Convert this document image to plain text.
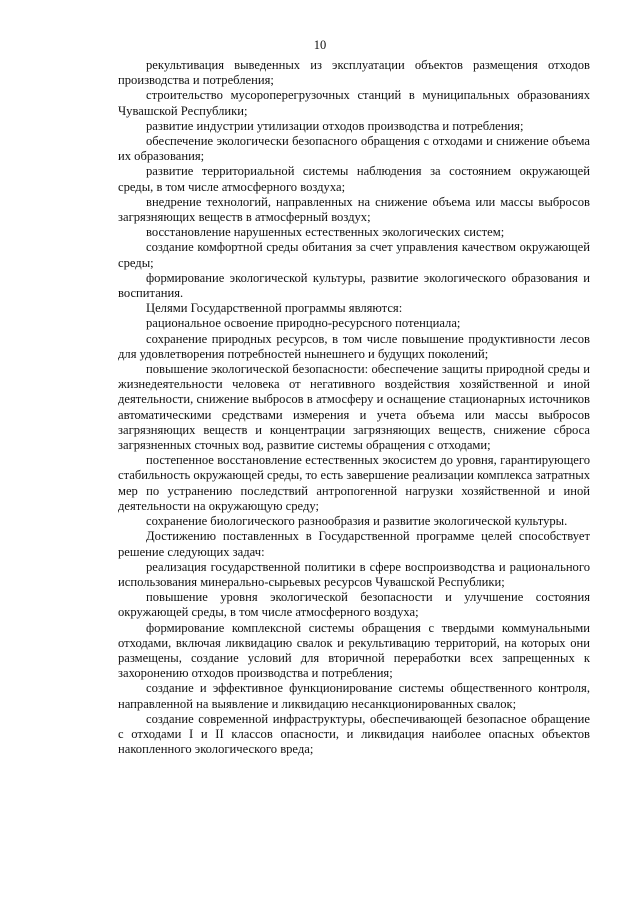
10

рекультивация выведенных из эксплуатации объектов размещения отходов производства и потребления;

строительство мусороперегрузочных станций в муниципальных образованиях Чувашской Республики;

развитие индустрии утилизации отходов производства и потребления;

обеспечение экологически безопасного обращения с отходами и снижение объема их образования;

развитие территориальной системы наблюдения за состоянием окружающей среды, в том числе атмосферного воздуха;

внедрение технологий, направленных на снижение объема или массы выбросов загрязняющих веществ в атмосферный воздух;

восстановление нарушенных естественных экологических систем;

создание комфортной среды обитания за счет управления качеством окружающей среды;

формирование экологической культуры, развитие экологического образования и воспитания.

Целями Государственной программы являются:

рациональное освоение природно-ресурсного потенциала;

сохранение природных ресурсов, в том числе повышение продуктивности лесов для удовлетворения потребностей нынешнего и будущих поколений;

повышение экологической безопасности: обеспечение защиты природной среды и жизнедеятельности человека от негативного воздействия хозяйственной и иной деятельности, снижение выбросов в атмосферу и оснащение стационарных источников автоматическими средствами измерения и учета объема или массы выбросов загрязняющих веществ и концентрации загрязняющих веществ, снижение сброса загрязненных сточных вод, развитие системы обращения с отходами;

постепенное восстановление естественных экосистем до уровня, гарантирующего стабильность окружающей среды, то есть завершение реализации комплекса затратных мер по устранению последствий антропогенной нагрузки хозяйственной и иной деятельности на окружающую среду;

сохранение биологического разнообразия и развитие экологической культуры.

Достижению поставленных в Государственной программе целей способствует решение следующих задач:

реализация государственной политики в сфере воспроизводства и рационального использования минерально-сырьевых ресурсов Чувашской Республики;

повышение уровня экологической безопасности и улучшение состояния окружающей среды, в том числе атмосферного воздуха;

формирование комплексной системы обращения с твердыми коммунальными отходами, включая ликвидацию свалок и рекультивацию территорий, на которых они размещены, создание условий для вторичной переработки всех запрещенных к захоронению отходов производства и потребления;

создание и эффективное функционирование системы общественного контроля, направленной на выявление и ликвидацию несанкционированных свалок;

создание современной инфраструктуры, обеспечивающей безопасное обращение с отходами I и II классов опасности, и ликвидация наиболее опасных объектов накопленного экологического вреда;
